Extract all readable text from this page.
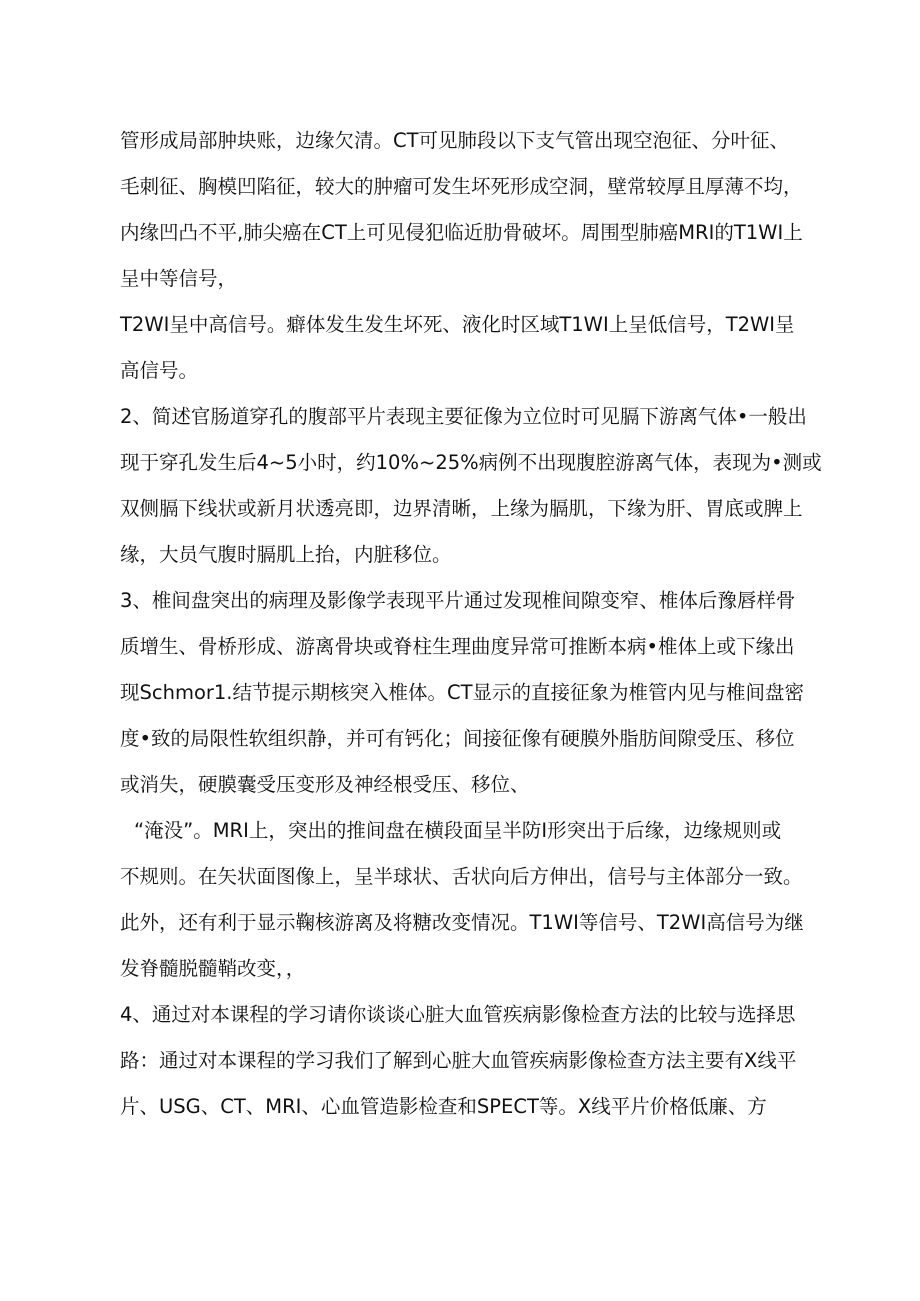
管形成局部肿块账，边缘欠清。CT可见肺段以下支气管出现空泡征、分叶征、
毛刺征、胸模凹陷征，较大的肿瘤可发生坏死形成空洞，壁常较厚且厚薄不均，
内缘凹凸不平,肺尖癌在CT上可见侵犯临近肋骨破坏。周围型肺癌MRI的T1WI上
呈中等信号，
T2WI呈中高信号。癖体发生发生坏死、液化时区域T1WI上呈低信号，T2WI呈
高信号。
2、简述官肠道穿孔的腹部平片表现主要征像为立位时可见膈下游离气体•一般出
现于穿孔发生后4~5小时，约10%~25%病例不出现腹腔游离气体，表现为•测或
双侧膈下线状或新月状透亮即，边界清晰，上缘为膈肌，下缘为肝、胃底或脾上
缘，大员气腹时膈肌上抬，内脏移位。
3、椎间盘突出的病理及影像学表现平片通过发现椎间隙变窄、椎体后豫唇样骨
质增生、骨桥形成、游离骨块或脊柱生理曲度异常可推断本病•椎体上或下缘出
现Schmor1.结节提示期核突入椎体。CT显示的直接征象为椎管内见与椎间盘密
度•致的局限性软组织静，并可有钙化；间接征像有硬膜外脂肪间隙受压、移位
或消失，硬膜囊受压变形及神经根受压、移位、
“淹没”。MRI上，突出的推间盘在横段面呈半防I形突出于后缘，边缘规则或
不规则。在矢状面图像上，呈半球状、舌状向后方伸出，信号与主体部分一致。
此外，还有利于显示鞠核游离及将糖改变情况。T1WI等信号、T2WI高信号为继
发脊髓脱髓鞘改变，，
4、通过对本课程的学习请你谈谈心脏大血管疾病影像检查方法的比较与选择思
路：通过对本课程的学习我们了解到心脏大血管疾病影像检查方法主要有X线平
片、USG、CT、MRI、心血管造影检查和SPECT等。X线平片价格低廉、方
